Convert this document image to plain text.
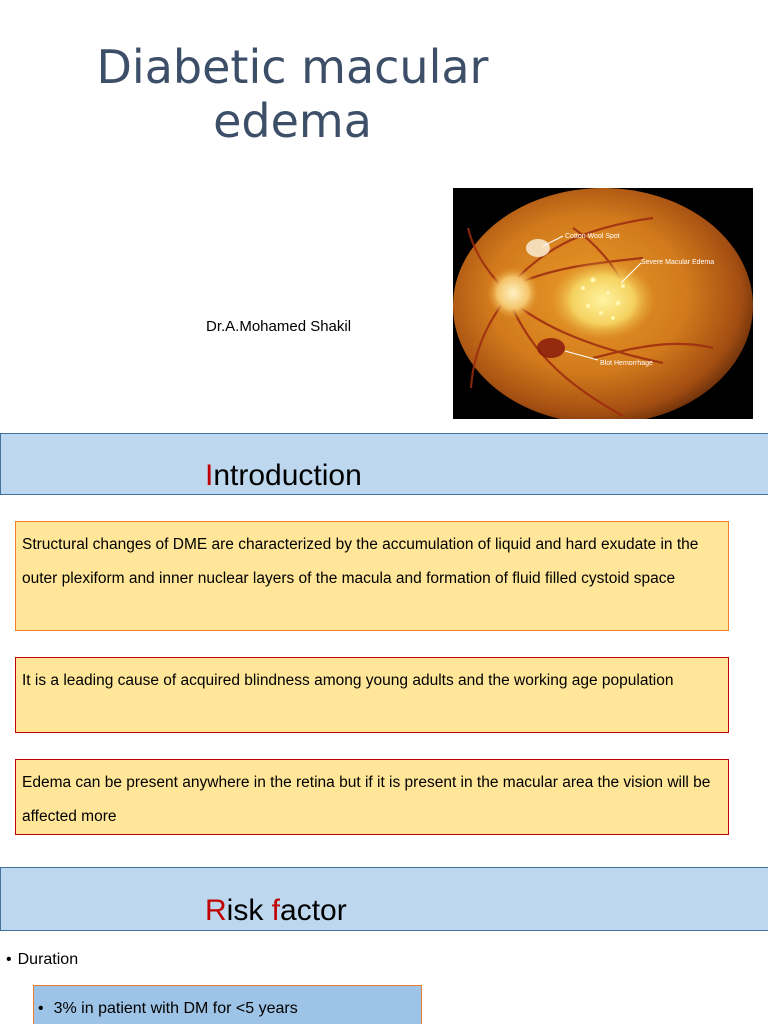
Diabetic macular
edema
Dr.A.Mohamed Shakil
Cotton Wool Spot
Severe Macular Edema
Blot Hemorrhage
Introduction
Structural changes of DME are characterized by the accumulation of liquid and hard exudate in the outer plexiform and inner nuclear layers of the macula and formation of fluid filled cystoid space
It is a leading cause of acquired blindness among young adults and the working age population
Edema can be present anywhere in the retina but if it is present in the macular area the vision will be affected more
Risk factor
• Duration
• 3% in patient with DM for <5 years
